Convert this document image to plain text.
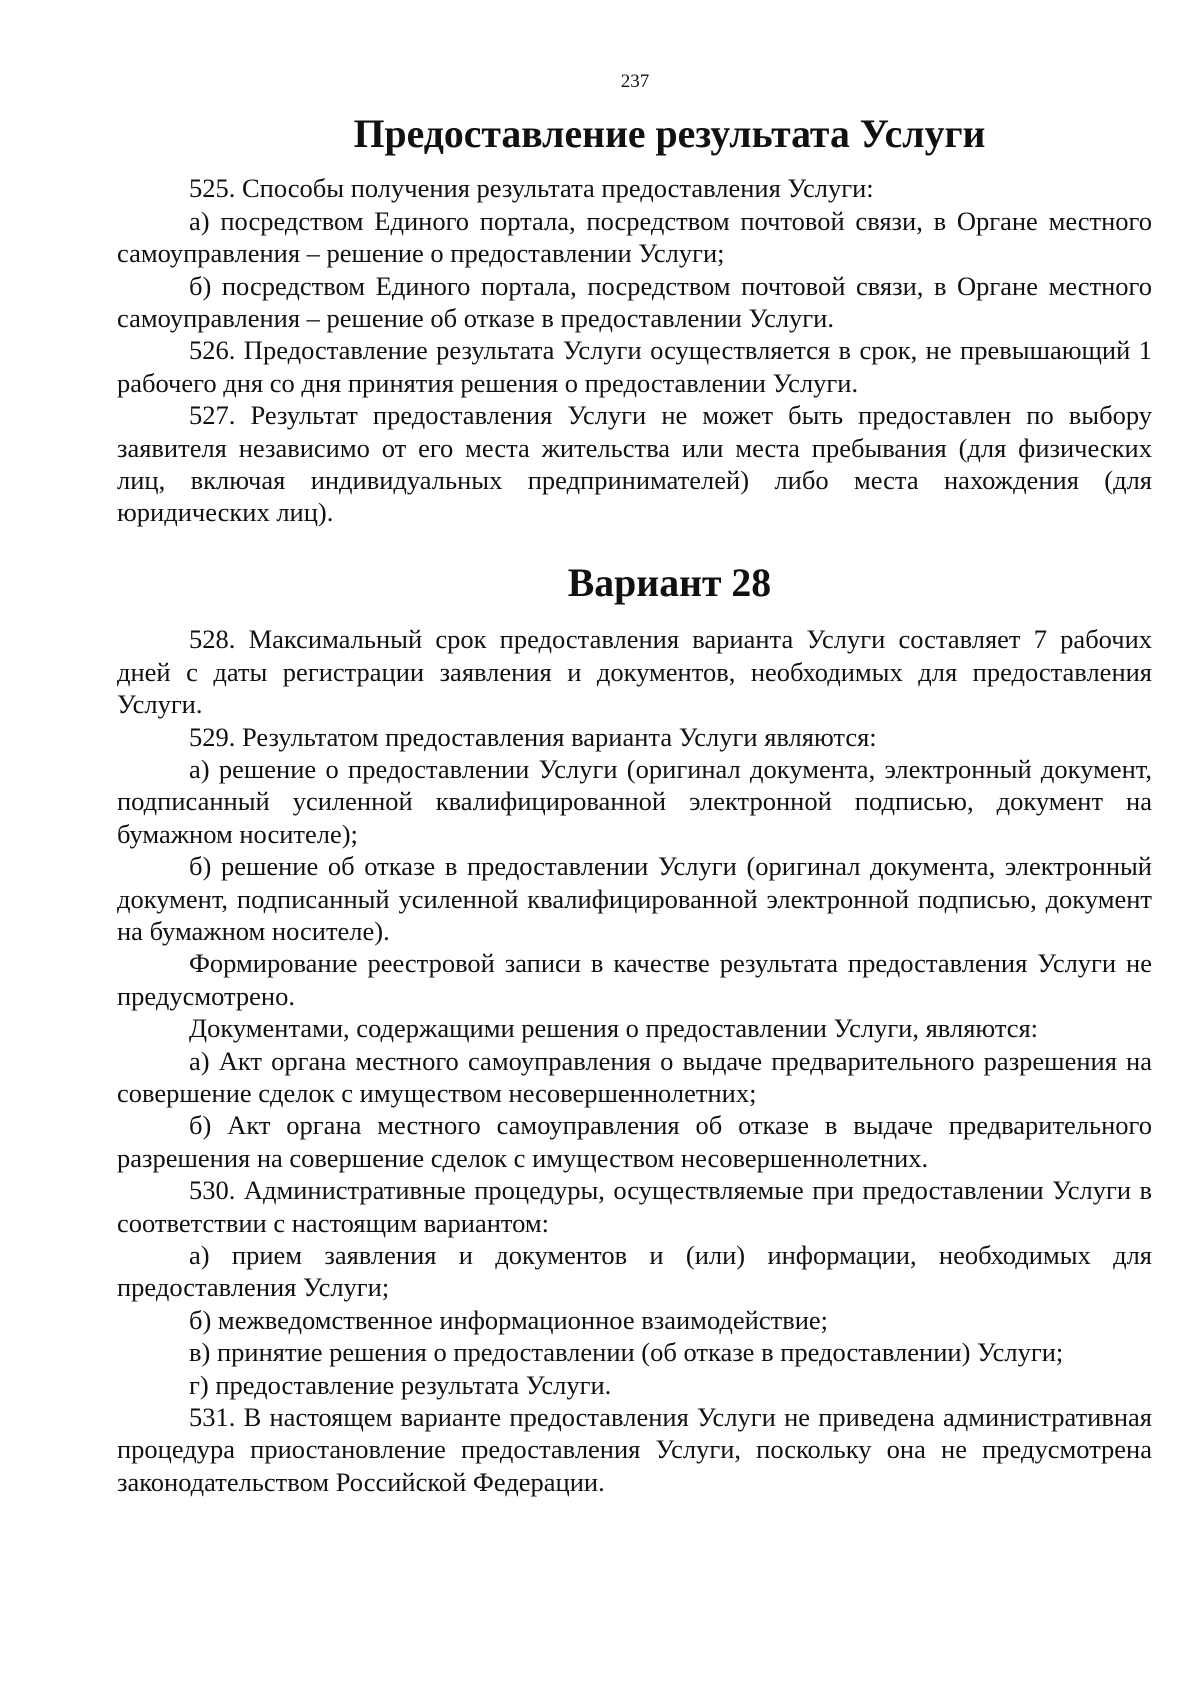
237
Предоставление результата Услуги

525. Способы получения результата предоставления Услуги:

а) посредством Единого портала, посредством почтовой связи, в Органе местного самоуправления – решение о предоставлении Услуги;

б) посредством Единого портала, посредством почтовой связи, в Органе местного самоуправления – решение об отказе в предоставлении Услуги.

526. Предоставление результата Услуги осуществляется в срок, не превышающий 1 рабочего дня со дня принятия решения о предоставлении Услуги.

527. Результат предоставления Услуги не может быть предоставлен по выбору заявителя независимо от его места жительства или места пребывания (для физических лиц, включая индивидуальных предпринимателей) либо места нахождения (для юридических лиц).

Вариант 28

528. Максимальный срок предоставления варианта Услуги составляет 7 рабочих дней с даты регистрации заявления и документов, необходимых для предоставления Услуги.

529. Результатом предоставления варианта Услуги являются:

а) решение о предоставлении Услуги (оригинал документа, электронный документ, подписанный усиленной квалифицированной электронной подписью, документ на бумажном носителе);

б) решение об отказе в предоставлении Услуги (оригинал документа, электронный документ, подписанный усиленной квалифицированной электронной подписью, документ на бумажном носителе).

Формирование реестровой записи в качестве результата предоставления Услуги не предусмотрено.

Документами, содержащими решения о предоставлении Услуги, являются:

а) Акт органа местного самоуправления о выдаче предварительного разрешения на совершение сделок с имуществом несовершеннолетних;

б) Акт органа местного самоуправления об отказе в выдаче предварительного разрешения на совершение сделок с имуществом несовершеннолетних.

530. Административные процедуры, осуществляемые при предоставлении Услуги в соответствии с настоящим вариантом:

а) прием заявления и документов и (или) информации, необходимых для предоставления Услуги;

б) межведомственное информационное взаимодействие;

в) принятие решения о предоставлении (об отказе в предоставлении) Услуги;

г) предоставление результата Услуги.

531. В настоящем варианте предоставления Услуги не приведена административная процедура приостановление предоставления Услуги, поскольку она не предусмотрена законодательством Российской Федерации.
